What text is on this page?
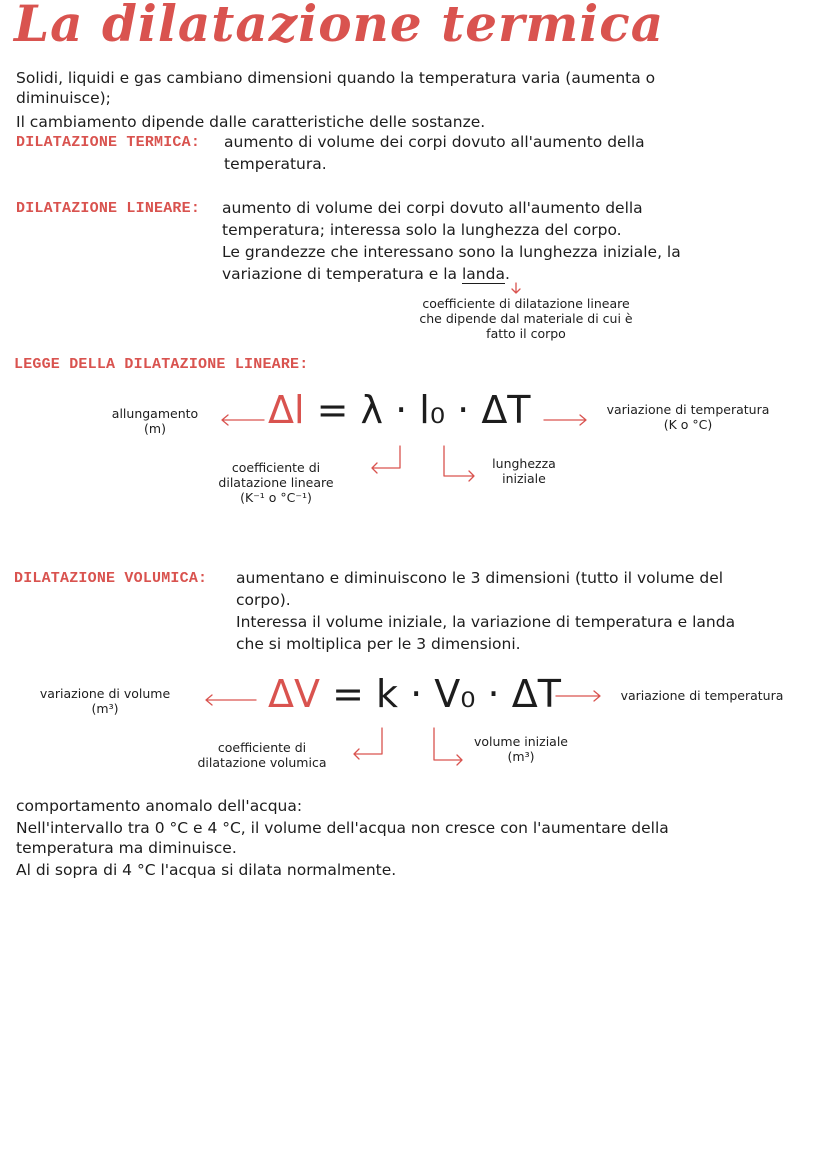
La dilatazione termica
Solidi, liquidi e gas cambiano dimensioni quando la temperatura varia (aumenta o
diminuisce);
Il cambiamento dipende dalle caratteristiche delle sostanze.
DILATAZIONE TERMICA: aumento di volume dei corpi dovuto all'aumento della
temperatura.
DILATAZIONE LINEARE: aumento di volume dei corpi dovuto all'aumento della
temperatura; interessa solo la lunghezza del corpo.
Le grandezze che interessano sono la lunghezza iniziale, la
variazione di temperatura e la landa.
coefficiente di dilatazione lineare
che dipende dal materiale di cui è
fatto il corpo
LEGGE DELLA DILATAZIONE LINEARE:
allungamento
(m)	Δl = λ · l₀ · ΔT	variazione di temperatura
(K o °C)
coefficiente di
dilatazione lineare
(K⁻¹ o °C⁻¹)
lunghezza
iniziale
DILATAZIONE VOLUMICA: aumentano e diminuiscono le 3 dimensioni (tutto il volume del
corpo).
Interessa il volume iniziale, la variazione di temperatura e landa
che si moltiplica per le 3 dimensioni.
variazione di volume
(m³)	ΔV = k · V₀ · ΔT	variazione di temperatura
coefficiente di
dilatazione volumica
volume iniziale
(m³)
comportamento anomalo dell'acqua:
Nell'intervallo tra 0 °C e 4 °C, il volume dell'acqua non cresce con l'aumentare della
temperatura ma diminuisce.
Al di sopra di 4 °C l'acqua si dilata normalmente.
